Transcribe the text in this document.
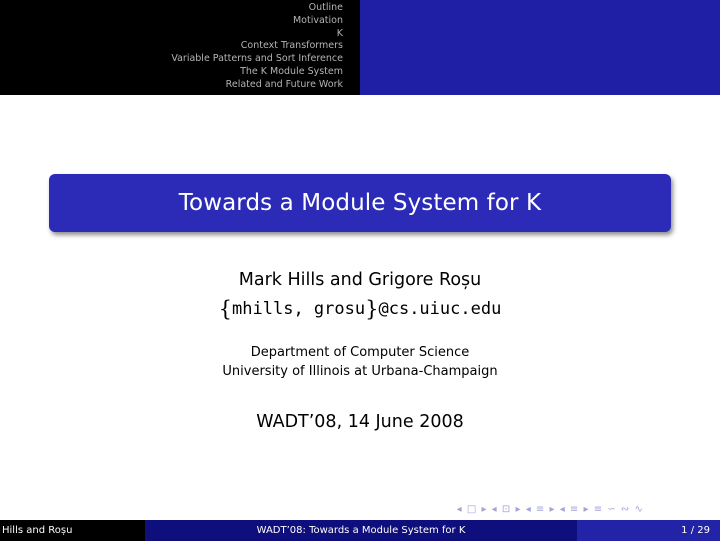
Outline
Motivation
K
Context Transformers
Variable Patterns and Sort Inference
The K Module System
Related and Future Work
Towards a Module System for K
Mark Hills and Grigore Roșu
{mhills, grosu}@cs.uiuc.edu
Department of Computer Science
University of Illinois at Urbana-Champaign
WADT’08, 14 June 2008
◂ □ ▸ ◂ ⊡ ▸ ◂ ≡ ▸ ◂ ≡ ▸ ≡ ∽ ∾ ∿
Hills and Roșu	WADT’08: Towards a Module System for K	1 / 29
